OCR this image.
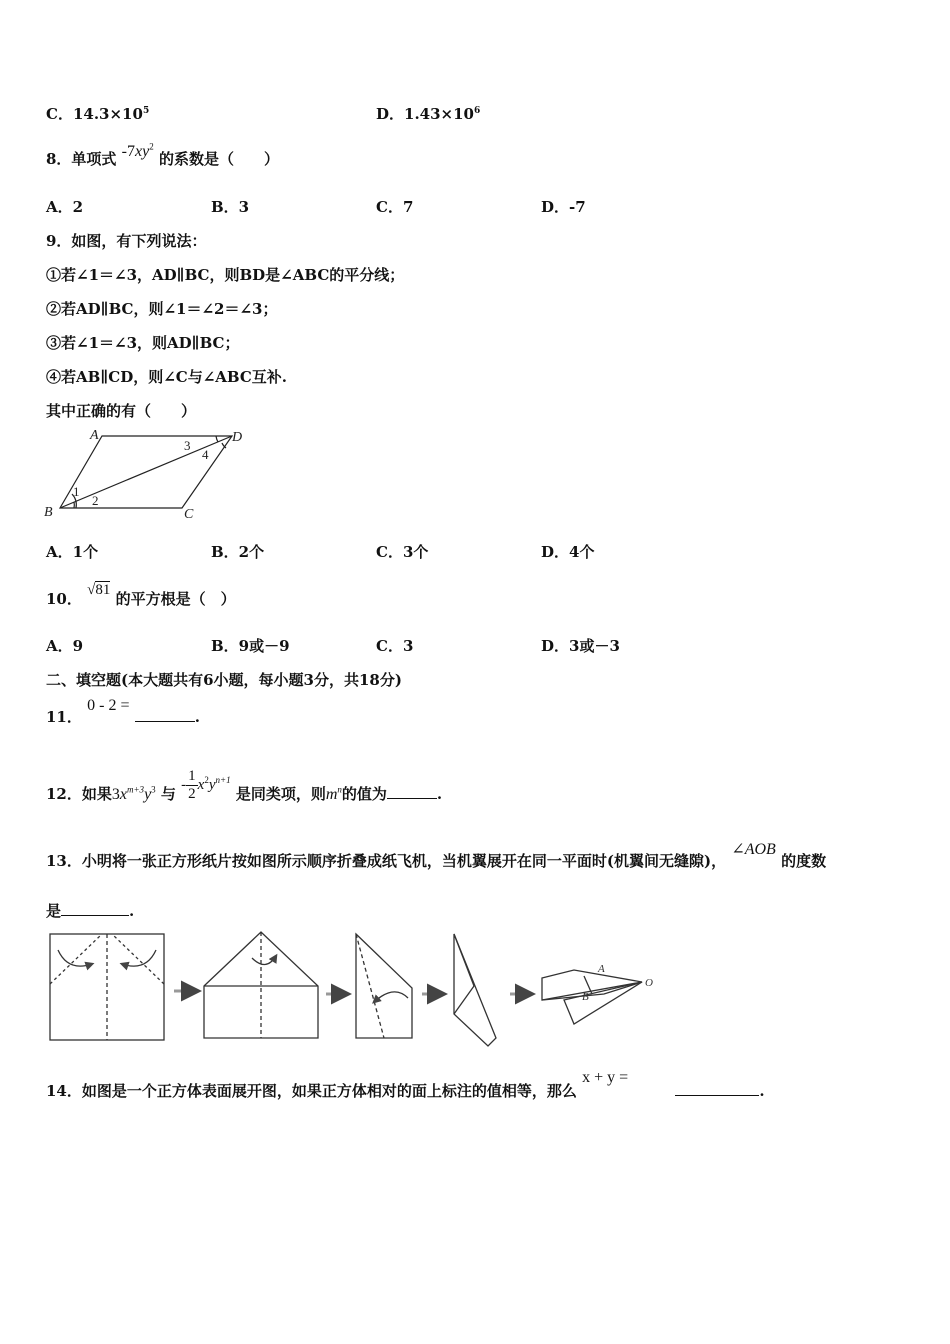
C．$14.3\times 10^5$	D．$1.43\times 10^6$
8．单项式 $-7xy^2$ 的系数是（　　）
A．2	B．3	C．7	D．-7
9．如图，有下列说法：
①若∠1＝∠3，AD∥BC，则BD是∠ABC的平分线；
②若AD∥BC，则∠1＝∠2＝∠3；
③若∠1＝∠3，则AD∥BC；
④若AB∥CD，则∠C与∠ABC互补.
其中正确的有（　　）
A	D
B	C
1
2
3
4
A．1个	B．2个	C．3个	D．4个
10． √81 的平方根是（　）
A．9	B．9或－9	C．3	D．3或－3
二、填空题(本大题共有6小题，每小题3分，共18分)
11． 0 - 2 = .
12．如果$3x^{m+3}y^3$ 与 - $\frac{1}{2} x^2y^{n+1}$ 是同类项，则$m^n$的值为	.
13．小明将一张正方形纸片按如图所示顺序折叠成纸飞机，当机翼展开在同一平面时(机翼间无缝隙)， ∠AOB 的度数
是	.
A
B
O
14．如图是一个正方体表面展开图，如果正方体相对的面上标注的值相等，那么 x + y = .
